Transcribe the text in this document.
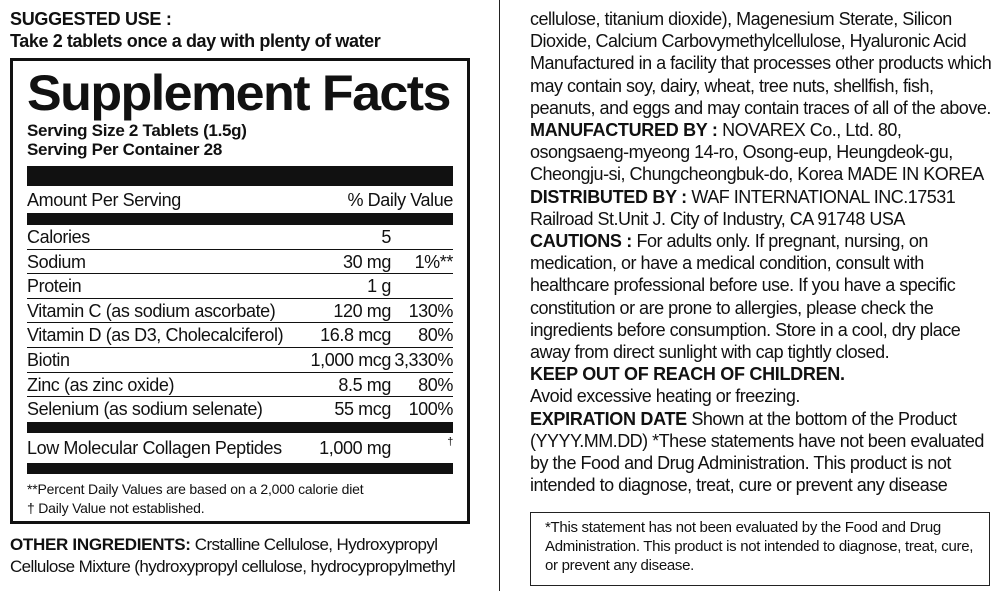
SUGGESTED USE :
Take 2 tablets once a day with plenty of water
Supplement Facts
Serving Size 2 Tablets (1.5g)
Serving Per Container 28
Amount Per Serving	% Daily Value
Calories	5
Sodium	30 mg 1%**
Protein	1 g
Vitamin C (as sodium ascorbate)	120 mg 130%
Vitamin D (as D3, Cholecalciferol) 16.8 mcg 80%
Biotin	1,000 mcg 3,330%
Zinc (as zinc oxide)	8.5 mg 80%
Selenium (as sodium selenate)	55 mcg 100%
Low Molecular Collagen Peptides 1,000 mg	†
**Percent Daily Values are based on a 2,000 calorie diet
† Daily Value not established.
OTHER INGREDIENTS: Crstalline Cellulose, Hydroxypropyl Cellulose Mixture (hydroxypropyl cellulose, hydrocypropylmethyl

cellulose, titanium dioxide), Magenesium Sterate, Silicon Dioxide, Calcium Carbovymethylcellulose, Hyaluronic Acid Manufactured in a facility that processes other products which may contain soy, dairy, wheat, tree nuts, shellfish, fish, peanuts, and eggs and may contain traces of all of the above.

MANUFACTURED BY : NOVAREX Co., Ltd. 80, osongsaeng-myeong 14-ro, Osong-eup, Heungdeok-gu, Cheongju-si, Chungcheongbuk-do, Korea MADE IN KOREA

DISTRIBUTED BY : WAF INTERNATIONAL INC.17531 Railroad St.Unit J. City of Industry, CA 91748 USA

CAUTIONS : For adults only. If pregnant, nursing, on medication, or have a medical condition, consult with healthcare professional before use. If you have a specific constitution or are prone to allergies, please check the ingredients before consumption. Store in a cool, dry place away from direct sunlight with cap tightly closed.

KEEP OUT OF REACH OF CHILDREN.

Avoid excessive heating or freezing.

EXPIRATION DATE Shown at the bottom of the Product (YYYY.MM.DD) *These statements have not been evaluated by the Food and Drug Administration. This product is not intended to diagnose, treat, cure or prevent any disease

*This statement has not been evaluated by the Food and Drug Administration. This product is not intended to diagnose, treat, cure, or prevent any disease.
